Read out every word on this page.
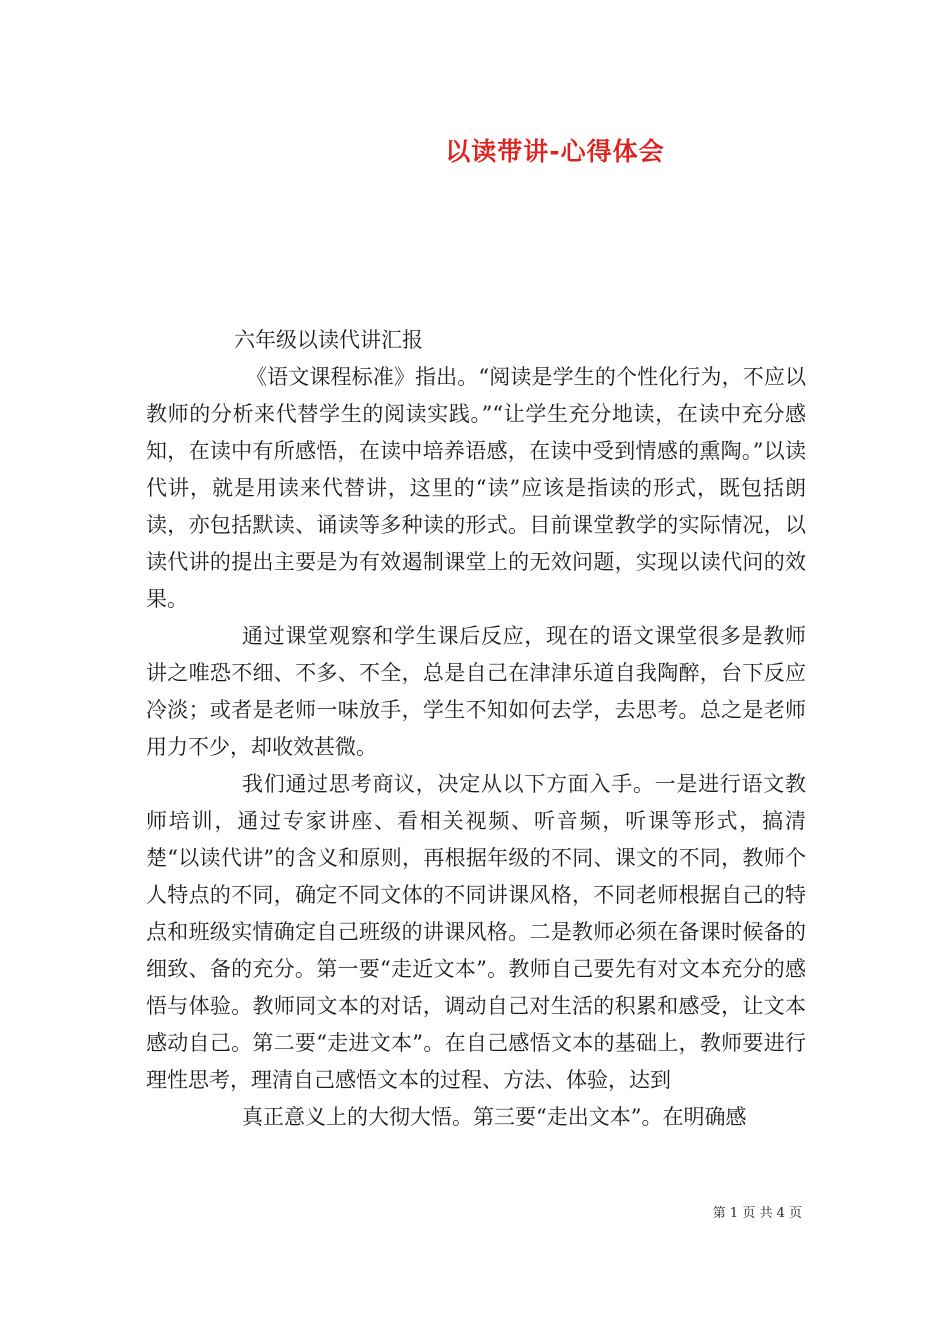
以读带讲-心得体会

六年级以读代讲汇报

《语文课程标准》指出。“阅读是学生的个性化行为，不应以教师的分析来代替学生的阅读实践。”“让学生充分地读，在读中充分感知，在读中有所感悟，在读中培养语感，在读中受到情感的熏陶。”以读代讲，就是用读来代替讲，这里的“读”应该是指读的形式，既包括朗读，亦包括默读、诵读等多种读的形式。目前课堂教学的实际情况，以读代讲的提出主要是为有效遏制课堂上的无效问题，实现以读代问的效果。

通过课堂观察和学生课后反应，现在的语文课堂很多是教师讲之唯恐不细、不多、不全，总是自己在津津乐道自我陶醉，台下反应冷淡；或者是老师一味放手，学生不知如何去学，去思考。总之是老师用力不少，却收效甚微。

我们通过思考商议，决定从以下方面入手。一是进行语文教师培训，通过专家讲座、看相关视频、听音频，听课等形式，搞清楚“以读代讲”的含义和原则，再根据年级的不同、课文的不同，教师个人特点的不同，确定不同文体的不同讲课风格，不同老师根据自己的特点和班级实情确定自己班级的讲课风格。二是教师必须在备课时候备的细致、备的充分。第一要“走近文本”。教师自己要先有对文本充分的感悟与体验。教师同文本的对话，调动自己对生活的积累和感受，让文本感动自己。第二要“走进文本”。在自己感悟文本的基础上，教师要进行理性思考，理清自己感悟文本的过程、方法、体验，达到

真正意义上的大彻大悟。第三要“走出文本”。在明确感

第 1 页 共 4 页
